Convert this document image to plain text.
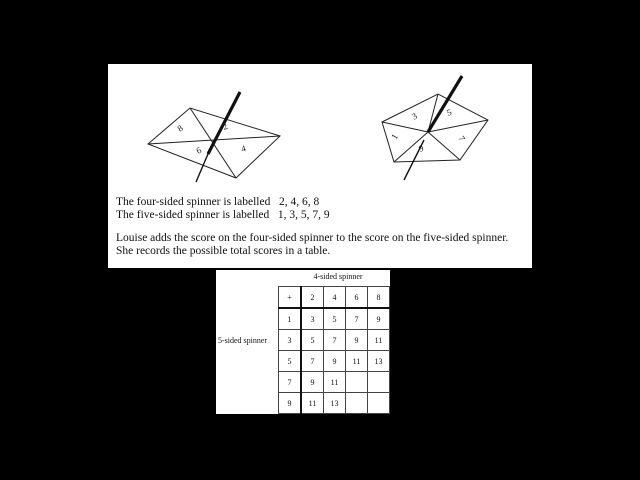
8	2
6	4
3	5
7
9
1
The four-sided spinner is labelled   2, 4, 6, 8
The five-sided spinner is labelled   1, 3, 5, 7, 9
Louise adds the score on the four-sided spinner to the score on the five-sided spinner.
She records the possible total scores in a table.
4-sided spinner
5-sided spinner
+	2	4	6	8
1	3	5	7	9
3	5	7	9	11
5	7	9	11	13
7	9	11		
9	11	13		
